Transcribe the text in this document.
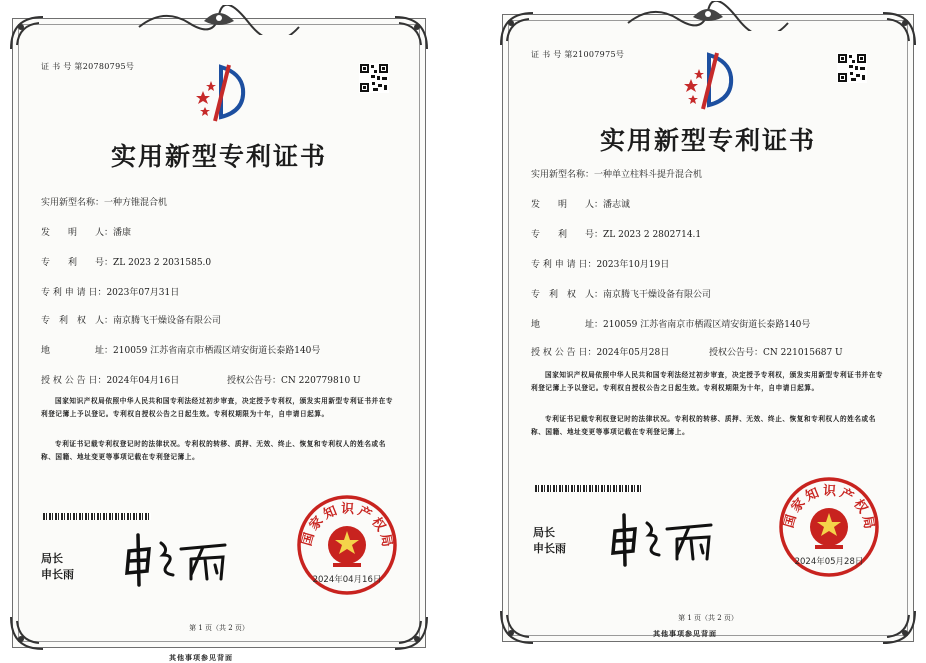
证 书 号 第20780795号
实用新型专利证书
实用新型名称：一种方锥混合机
发　　明　　人：潘康
专　　利　　号：ZL 2023 2 2031585.0
专 利 申 请 日：2023年07月31日
专　利　权　人：南京腾飞干燥设备有限公司
地　　　　　址：210059 江苏省南京市栖霞区靖安街道长泰路140号
授 权 公 告 日：2024年04月16日	授权公告号：CN 220779810 U
国家知识产权局依照中华人民共和国专利法经过初步审查，决定授予专利权，颁发实用新型专利证书并在专利登记簿上予以登记。专利权自授权公告之日起生效。专利权期限为十年，自申请日起算。
专利证书记载专利权登记时的法律状况。专利权的转移、质押、无效、终止、恢复和专利权人的姓名或名称、国籍、地址变更等事项记载在专利登记簿上。
局长
申长雨
国家知识产权局
2024年04月16日
第 1 页（共 2 页）
其他事项参见背面
证 书 号 第21007975号
实用新型专利证书
实用新型名称：一种单立柱料斗提升混合机
发　　明　　人：潘志诚
专　　利　　号：ZL 2023 2 2802714.1
专 利 申 请 日：2023年10月19日
专　利　权　人：南京腾飞干燥设备有限公司
地　　　　　址：210059 江苏省南京市栖霞区靖安街道长泰路140号
授 权 公 告 日：2024年05月28日	授权公告号：CN 221015687 U
国家知识产权局依照中华人民共和国专利法经过初步审查，决定授予专利权，颁发实用新型专利证书并在专利登记簿上予以登记。专利权自授权公告之日起生效。专利权期限为十年，自申请日起算。
专利证书记载专利权登记时的法律状况。专利权的转移、质押、无效、终止、恢复和专利权人的姓名或名称、国籍、地址变更等事项记载在专利登记簿上。
局长
申长雨
国家知识产权局
2024年05月28日
第 1 页（共 2 页）
其他事项参见背面
